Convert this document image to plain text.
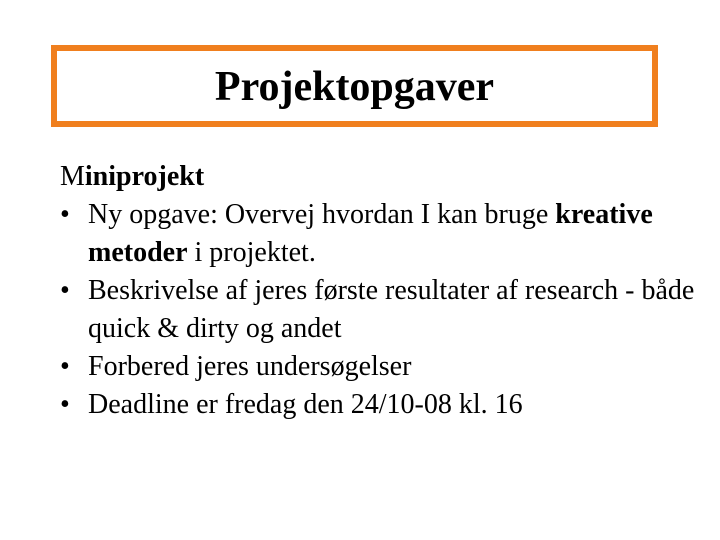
Projektopgaver

Miniprojekt

• Ny opgave: Overvej hvordan I kan bruge kreative metoder i projektet.
• Beskrivelse af jeres første resultater af research - både quick & dirty og andet
• Forbered jeres undersøgelser
• Deadline er fredag den 24/10-08 kl. 16
